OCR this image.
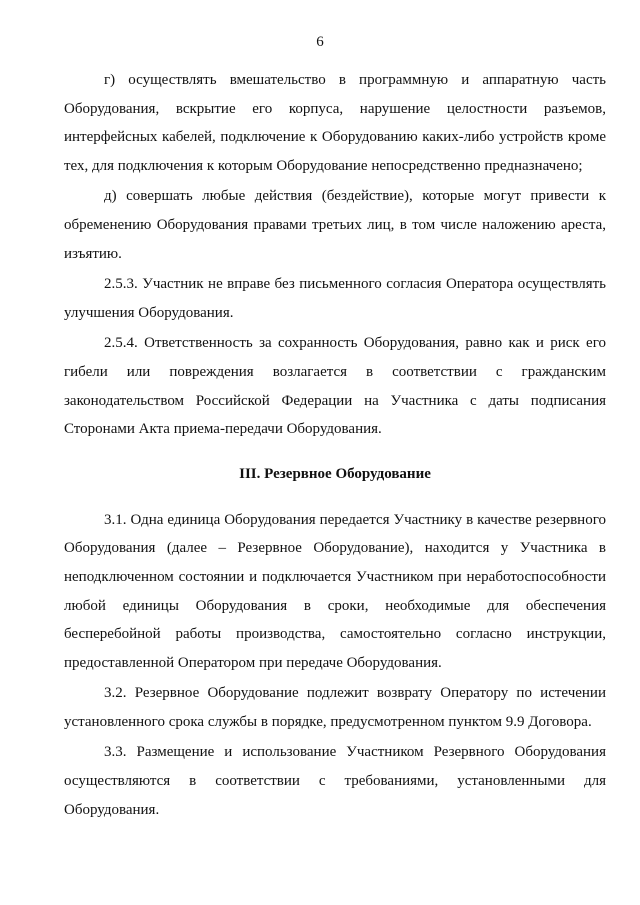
6

г) осуществлять вмешательство в программную и аппаратную часть Оборудования, вскрытие его корпуса, нарушение целостности разъемов, интерфейсных кабелей, подключение к Оборудованию каких-либо устройств кроме тех, для подключения к которым Оборудование непосредственно предназначено;

д) совершать любые действия (бездействие), которые могут привести к обременению Оборудования правами третьих лиц, в том числе наложению ареста, изъятию.

2.5.3. Участник не вправе без письменного согласия Оператора осуществлять улучшения Оборудования.

2.5.4. Ответственность за сохранность Оборудования, равно как и риск его гибели или повреждения возлагается в соответствии с гражданским законодательством Российской Федерации на Участника с даты подписания Сторонами Акта приема-передачи Оборудования.

III. Резервное Оборудование

3.1. Одна единица Оборудования передается Участнику в качестве резервного Оборудования (далее – Резервное Оборудование), находится у Участника в неподключенном состоянии и подключается Участником при неработоспособности любой единицы Оборудования в сроки, необходимые для обеспечения бесперебойной работы производства, самостоятельно согласно инструкции, предоставленной Оператором при передаче Оборудования.

3.2. Резервное Оборудование подлежит возврату Оператору по истечении установленного срока службы в порядке, предусмотренном пунктом 9.9 Договора.

3.3. Размещение и использование Участником Резервного Оборудования осуществляются в соответствии с требованиями, установленными для Оборудования.
